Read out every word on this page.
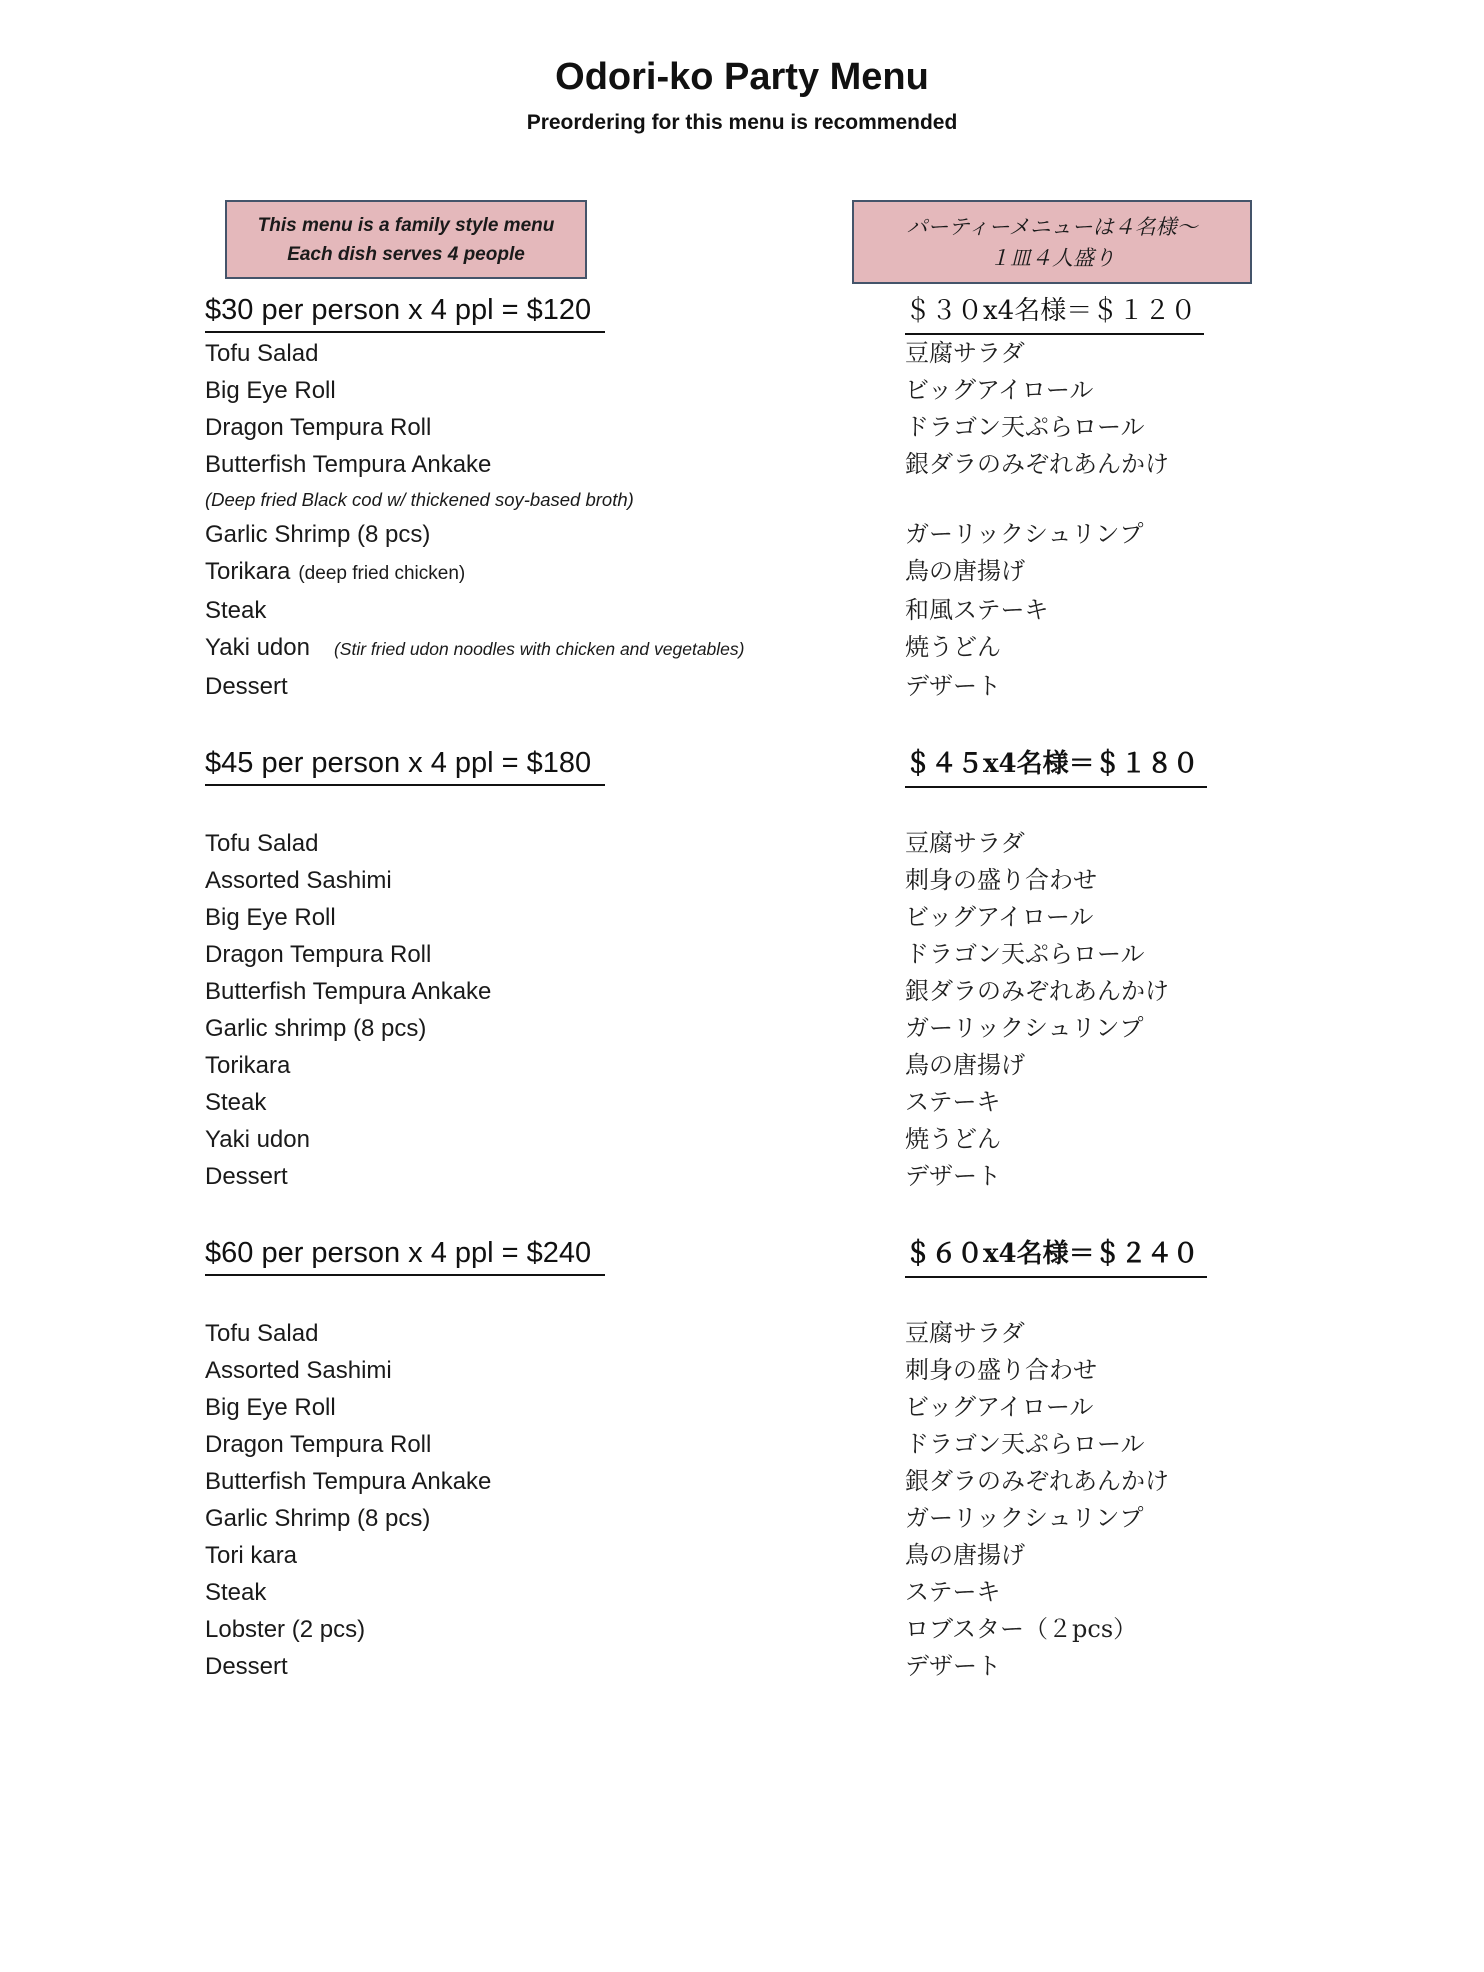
Odori-ko Party Menu
Preordering for this menu is recommended
This menu is a family style menu
Each dish serves 4 people
パーティーメニューは４名様～
１皿４人盛り
$30 per person x 4 ppl = $120	＄３０x4名様＝＄１２０
Tofu Salad	豆腐サラダ
Big Eye Roll	ビッグアイロール
Dragon Tempura Roll	ドラゴン天ぷらロール
Butterfish Tempura Ankake	銀ダラのみぞれあんかけ
(Deep fried Black cod w/ thickened soy-based broth)
Garlic Shrimp (8 pcs)	ガーリックシュリンプ
Torikara (deep fried chicken)	鳥の唐揚げ
Steak	和風ステーキ
Yaki udon (Stir fried udon noodles with chicken and vegetables)	焼うどん
Dessert	デザート
$45 per person x 4 ppl = $180	＄４５x4名様＝＄１８０
Tofu Salad	豆腐サラダ
Assorted Sashimi	刺身の盛り合わせ
Big Eye Roll	ビッグアイロール
Dragon Tempura Roll	ドラゴン天ぷらロール
Butterfish Tempura Ankake	銀ダラのみぞれあんかけ
Garlic shrimp (8 pcs)	ガーリックシュリンプ
Torikara	鳥の唐揚げ
Steak	ステーキ
Yaki udon	焼うどん
Dessert	デザート
$60 per person x 4 ppl = $240	＄６０x4名様＝＄２４０
Tofu Salad	豆腐サラダ
Assorted Sashimi	刺身の盛り合わせ
Big Eye Roll	ビッグアイロール
Dragon Tempura Roll	ドラゴン天ぷらロール
Butterfish Tempura Ankake	銀ダラのみぞれあんかけ
Garlic Shrimp (8 pcs)	ガーリックシュリンプ
Tori kara	鳥の唐揚げ
Steak	ステーキ
Lobster (2 pcs)	ロブスター（２pcs）
Dessert	デザート
